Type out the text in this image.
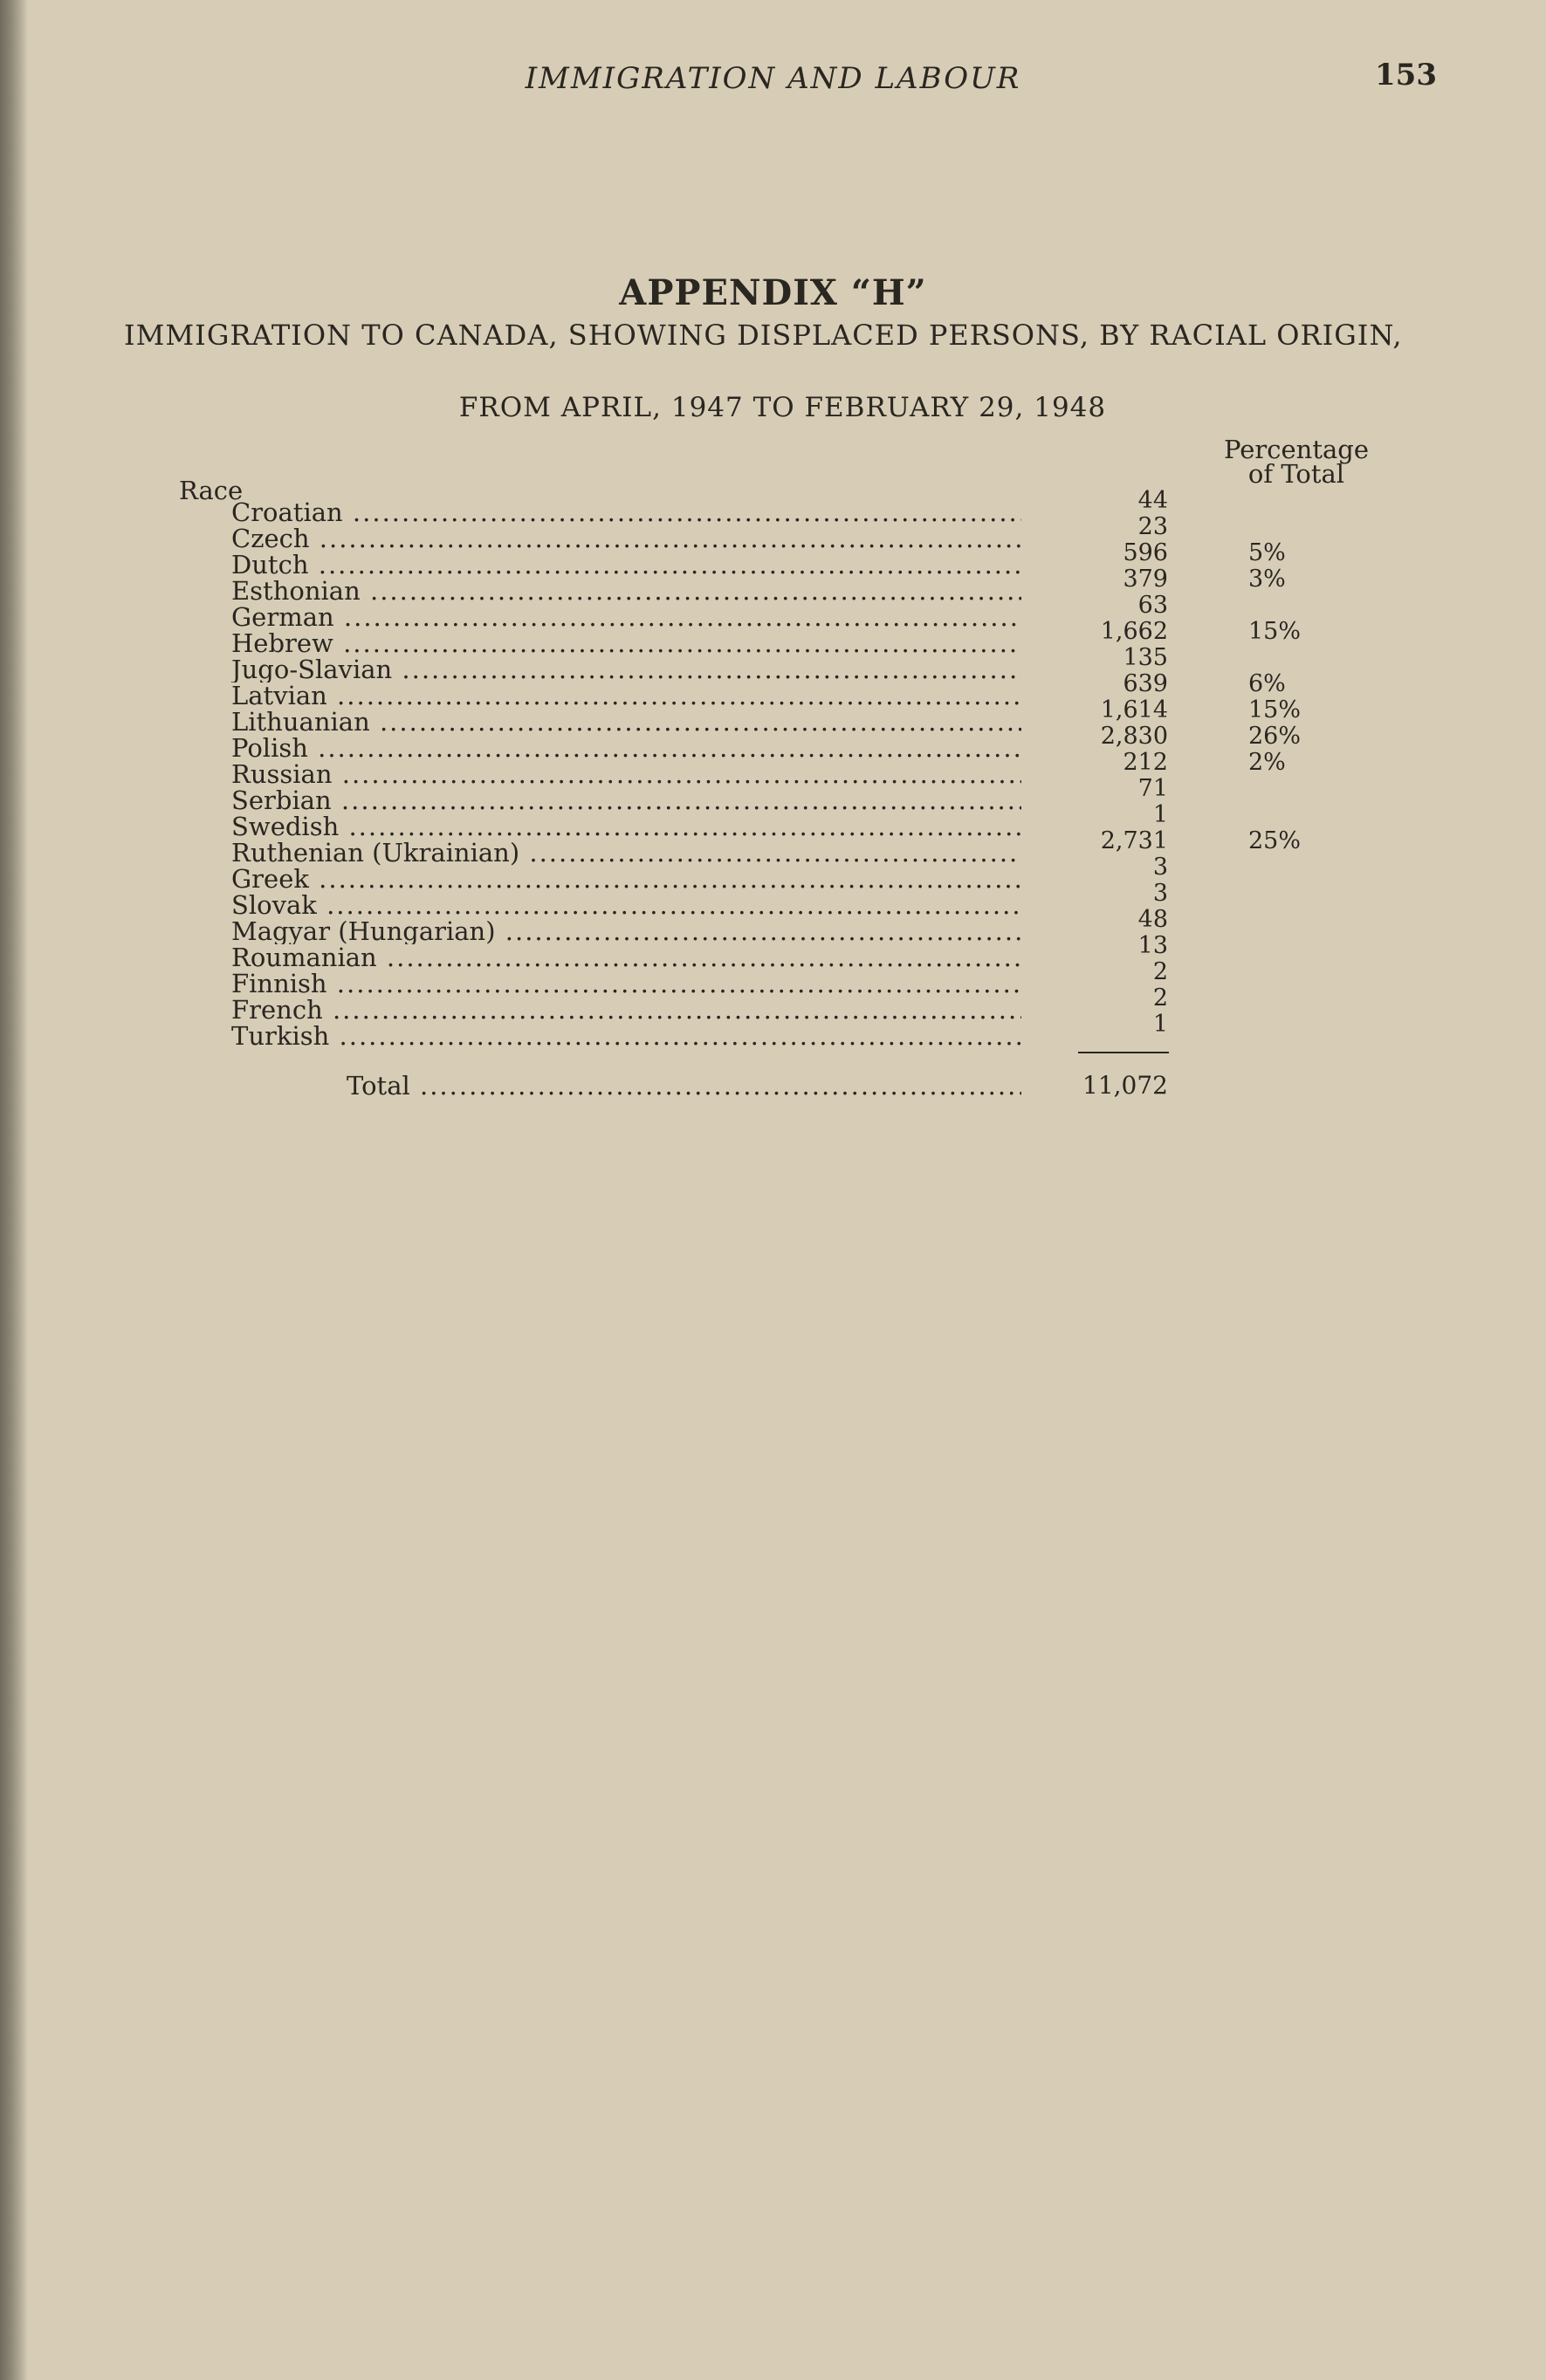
IMMIGRATION AND LABOUR	153
APPENDIX “H”
IMMIGRATION TO CANADA, SHOWING DISPLACED PERSONS, BY RACIAL ORIGIN,
FROM APRIL, 1947 TO FEBRUARY 29, 1948
Percentage
of Total
Race
Croatian .....	44
Czech .....	23
Dutch .....	596	5%
Esthonian .....	379	3%
German .....	63
Hebrew .....	1,662	15%
Jugo-Slavian .....	135
Latvian .....	639	6%
Lithuanian .....	1,614	15%
Polish .....	2,830	26%
Russian .....	212	2%
Serbian .....	71
Swedish .....	1
Ruthenian (Ukrainian) .....	2,731	25%
Greek .....	3
Slovak .....	3
Magyar (Hungarian) .....	48
Roumanian .....	13
Finnish .....	2
French .....	2
Turkish .....	1
Total .....	11,072
